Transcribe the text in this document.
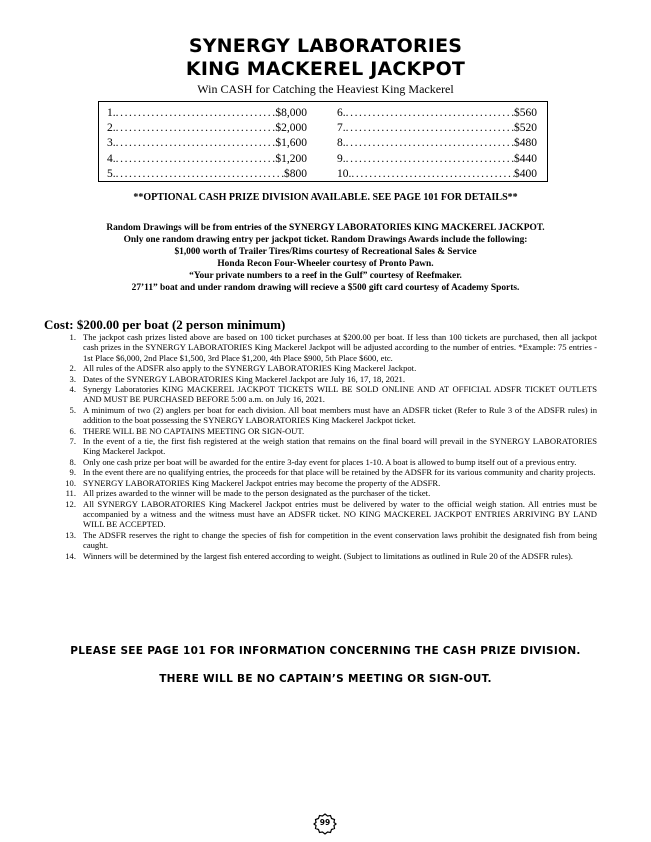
SYNERGY LABORATORIES
KING MACKEREL JACKPOT
Win CASH for Catching the Heaviest King Mackerel
1. .....	$8,000
2. .....	$2,000
3. .....	$1,600
4. .....	$1,200
5. .....	$800
6. .....	$560
7. .....	$520
8. .....	$480
9. .....	$440
10. .....	$400
**OPTIONAL CASH PRIZE DIVISION AVAILABLE. SEE PAGE 101 FOR DETAILS**
Random Drawings will be from entries of the SYNERGY LABORATORIES KING MACKEREL JACKPOT.
Only one random drawing entry per jackpot ticket. Random Drawings Awards include the following:
$1,000 worth of Trailer Tires/Rims courtesy of Recreational Sales & Service
Honda Recon Four-Wheeler courtesy of Pronto Pawn.
“Your private numbers to a reef in the Gulf” courtesy of Reefmaker.
27’11” boat and under random drawing will recieve a $500 gift card courtesy of Academy Sports.
Cost: $200.00 per boat (2 person minimum)
1. The jackpot cash prizes listed above are based on 100 ticket purchases at $200.00 per boat. If less than 100 tickets are purchased, then all jackpot cash prizes in the SYNERGY LABORATORIES King Mackerel Jackpot will be adjusted according to the number of entries. *Example: 75 entries - 1st Place $6,000, 2nd Place $1,500, 3rd Place $1,200, 4th Place $900, 5th Place $600, etc.
2. All rules of the ADSFR also apply to the SYNERGY LABORATORIES King Mackerel Jackpot.
3. Dates of the SYNERGY LABORATORIES King Mackerel Jackpot are July 16, 17, 18, 2021.
4. Synergy Laboratories KING MACKEREL JACKPOT TICKETS WILL BE SOLD ONLINE AND AT OFFICIAL ADSFR TICKET OUTLETS AND MUST BE PURCHASED BEFORE 5:00 a.m. on July 16, 2021.
5. A minimum of two (2) anglers per boat for each division. All boat members must have an ADSFR ticket (Refer to Rule 3 of the ADSFR rules) in addition to the boat possessing the SYNERGY LABORATORIES King Mackerel Jackpot ticket.
6. THERE WILL BE NO CAPTAINS MEETING OR SIGN-OUT.
7. In the event of a tie, the first fish registered at the weigh station that remains on the final board will prevail in the SYNERGY LABORATORIES King Mackerel Jackpot.
8. Only one cash prize per boat will be awarded for the entire 3-day event for places 1-10. A boat is allowed to bump itself out of a previous entry.
9. In the event there are no qualifying entries, the proceeds for that place will be retained by the ADSFR for its various community and charity projects.
10. SYNERGY LABORATORIES King Mackerel Jackpot entries may become the property of the ADSFR.
11. All prizes awarded to the winner will be made to the person designated as the purchaser of the ticket.
12. All SYNERGY LABORATORIES King Mackerel Jackpot entries must be delivered by water to the official weigh station. All entries must be accompanied by a witness and the witness must have an ADSFR ticket. NO KING MACKEREL JACKPOT ENTRIES ARRIVING BY LAND WILL BE ACCEPTED.
13. The ADSFR reserves the right to change the species of fish for competition in the event conservation laws prohibit the designated fish from being caught.
14. Winners will be determined by the largest fish entered according to weight. (Subject to limitations as outlined in Rule 20 of the ADSFR rules).
PLEASE SEE PAGE 101 FOR INFORMATION CONCERNING THE CASH PRIZE DIVISION.
THERE WILL BE NO CAPTAIN’S MEETING OR SIGN-OUT.
99
